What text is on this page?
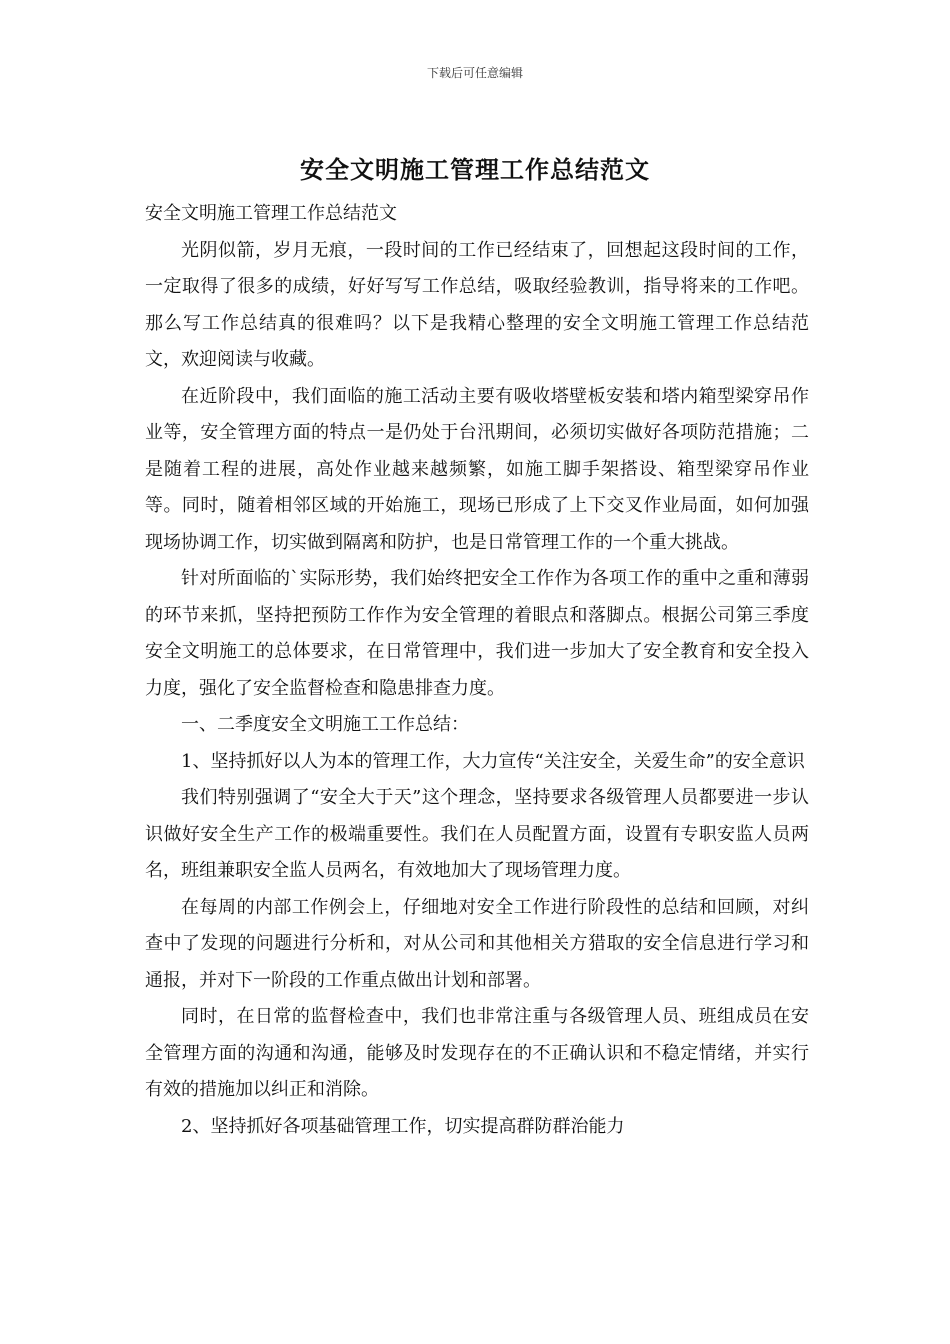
下载后可任意编辑
安全文明施工管理工作总结范文

安全文明施工管理工作总结范文

光阴似箭，岁月无痕，一段时间的工作已经结束了，回想起这段时间的工作，一定取得了很多的成绩，好好写写工作总结，吸取经验教训，指导将来的工作吧。那么写工作总结真的很难吗？以下是我精心整理的安全文明施工管理工作总结范文，欢迎阅读与收藏。

在近阶段中，我们面临的施工活动主要有吸收塔壁板安装和塔内箱型梁穿吊作业等，安全管理方面的特点一是仍处于台汛期间，必须切实做好各项防范措施；二是随着工程的进展，高处作业越来越频繁，如施工脚手架搭设、箱型梁穿吊作业等。同时，随着相邻区域的开始施工，现场已形成了上下交叉作业局面，如何加强现场协调工作，切实做到隔离和防护，也是日常管理工作的一个重大挑战。

针对所面临的`实际形势，我们始终把安全工作作为各项工作的重中之重和薄弱的环节来抓，坚持把预防工作作为安全管理的着眼点和落脚点。根据公司第三季度安全文明施工的总体要求，在日常管理中，我们进一步加大了安全教育和安全投入力度，强化了安全监督检查和隐患排查力度。

一、二季度安全文明施工工作总结：

1、坚持抓好以人为本的管理工作，大力宣传“关注安全，关爱生命”的安全意识

我们特别强调了“安全大于天”这个理念，坚持要求各级管理人员都要进一步认识做好安全生产工作的极端重要性。我们在人员配置方面，设置有专职安监人员两名，班组兼职安全监人员两名，有效地加大了现场管理力度。

在每周的内部工作例会上，仔细地对安全工作进行阶段性的总结和回顾，对纠查中了发现的问题进行分析和，对从公司和其他相关方猎取的安全信息进行学习和通报，并对下一阶段的工作重点做出计划和部署。

同时，在日常的监督检查中，我们也非常注重与各级管理人员、班组成员在安全管理方面的沟通和沟通，能够及时发现存在的不正确认识和不稳定情绪，并实行有效的措施加以纠正和消除。

2、坚持抓好各项基础管理工作，切实提高群防群治能力
